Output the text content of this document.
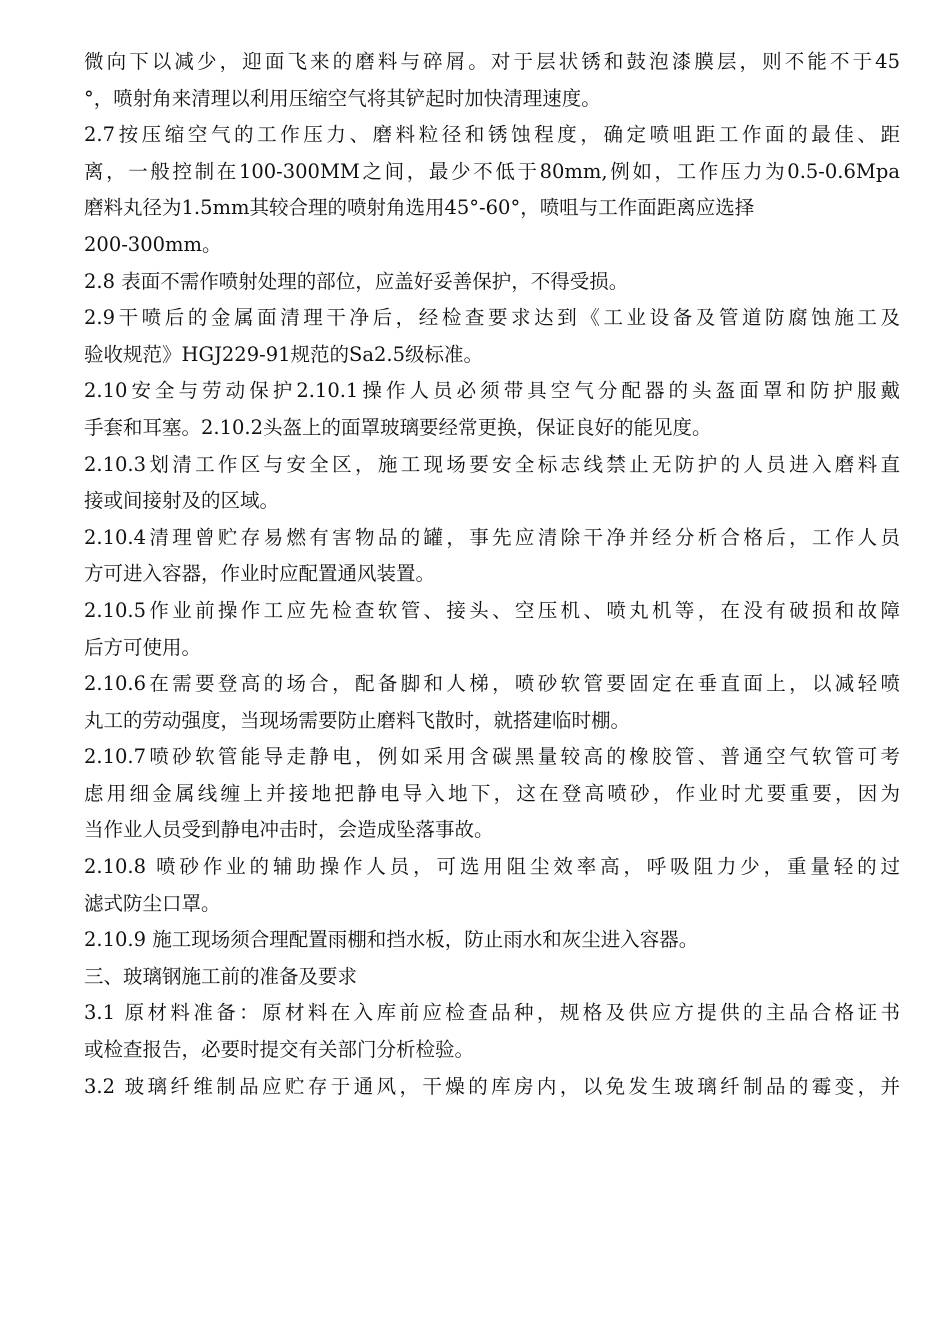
微向下以减少，迎面飞来的磨料与碎屑。对于层状锈和鼓泡漆膜层，则不能不于45
°，喷射角来清理以利用压缩空气将其铲起时加快清理速度。
2.7按压缩空气的工作压力、磨料粒径和锈蚀程度，确定喷咀距工作面的最佳、距
离，一般控制在100-300MM之间，最少不低于80mm,例如，工作压力为0.5-0.6Mpa
磨料丸径为1.5mm其较合理的喷射角选用45°-60°，喷咀与工作面距离应选择
200-300mm。
2.8 表面不需作喷射处理的部位，应盖好妥善保护，不得受损。
2.9干喷后的金属面清理干净后，经检查要求达到《工业设备及管道防腐蚀施工及
验收规范》HGJ229-91规范的Sa2.5级标准。
2.10安全与劳动保护2.10.1操作人员必须带具空气分配器的头盔面罩和防护服戴
手套和耳塞。2.10.2头盔上的面罩玻璃要经常更换，保证良好的能见度。
2.10.3划清工作区与安全区，施工现场要安全标志线禁止无防护的人员进入磨料直
接或间接射及的区域。
2.10.4清理曾贮存易燃有害物品的罐，事先应清除干净并经分析合格后，工作人员
方可进入容器，作业时应配置通风装置。
2.10.5作业前操作工应先检查软管、接头、空压机、喷丸机等，在没有破损和故障
后方可使用。
2.10.6在需要登高的场合，配备脚和人梯，喷砂软管要固定在垂直面上，以减轻喷
丸工的劳动强度，当现场需要防止磨料飞散时，就搭建临时棚。
2.10.7喷砂软管能导走静电，例如采用含碳黑量较高的橡胶管、普通空气软管可考
虑用细金属线缠上并接地把静电导入地下，这在登高喷砂，作业时尤要重要，因为
当作业人员受到静电冲击时，会造成坠落事故。
2.10.8 喷砂作业的辅助操作人员，可选用阻尘效率高，呼吸阻力少，重量轻的过
滤式防尘口罩。
2.10.9 施工现场须合理配置雨棚和挡水板，防止雨水和灰尘进入容器。
三、玻璃钢施工前的准备及要求
3.1 原材料准备：原材料在入库前应检查品种，规格及供应方提供的主品合格证书
或检查报告，必要时提交有关部门分析检验。
3.2 玻璃纤维制品应贮存于通风，干燥的库房内，以免发生玻璃纤制品的霉变，并
